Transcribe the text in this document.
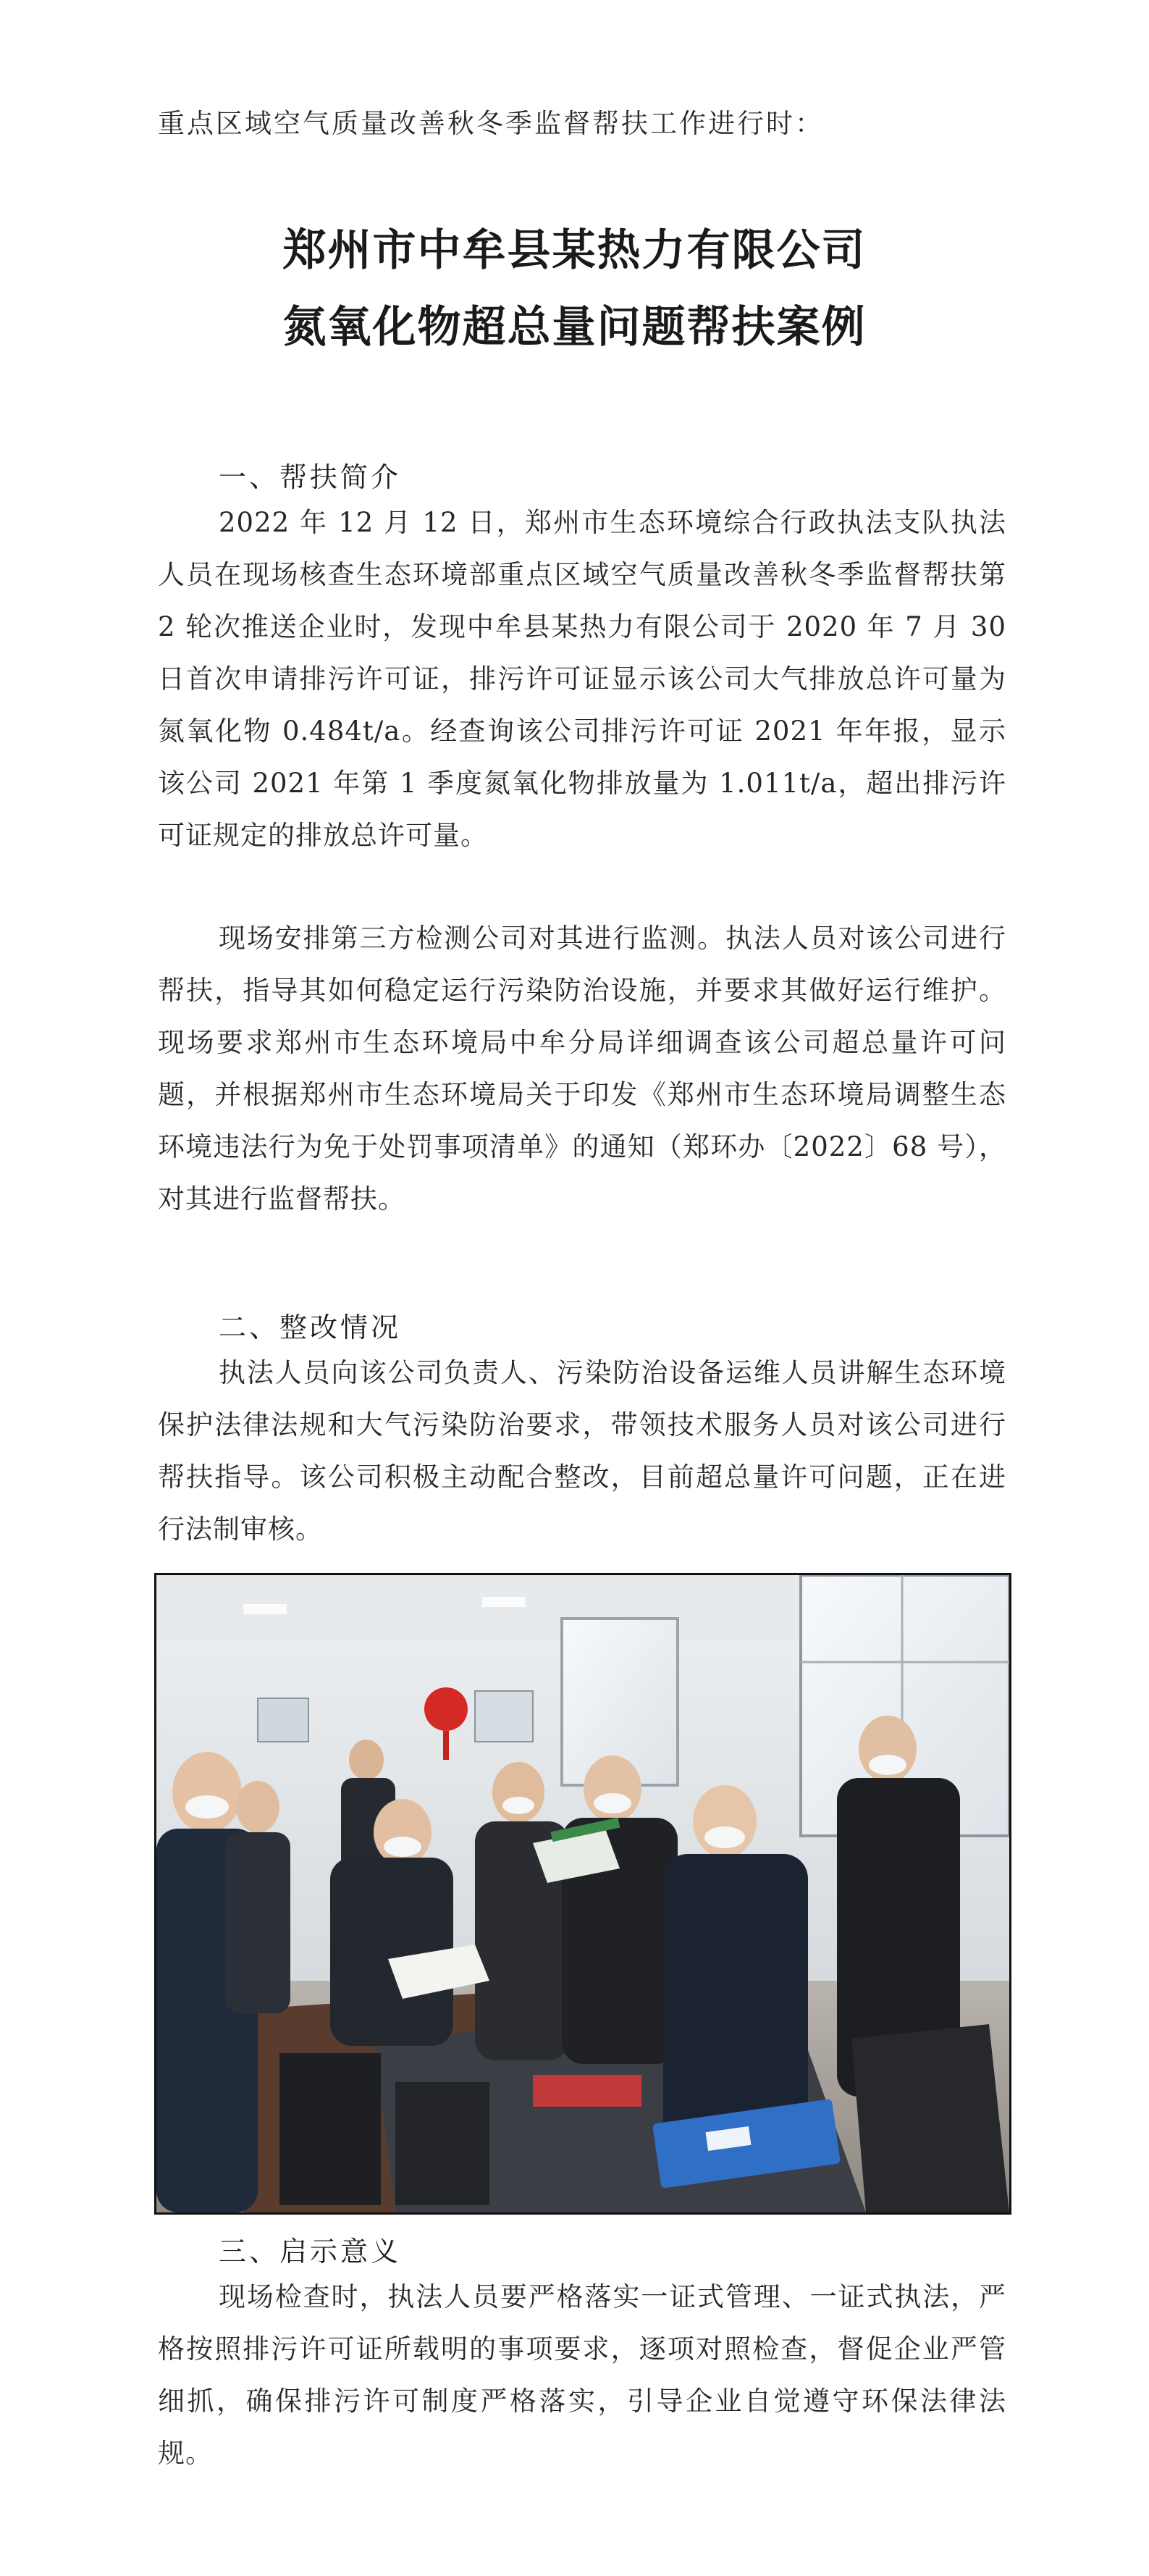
重点区域空气质量改善秋冬季监督帮扶工作进行时：
郑州市中牟县某热力有限公司
氮氧化物超总量问题帮扶案例
一、帮扶简介

2022 年 12 月 12 日，郑州市生态环境综合行政执法支队执法人员在现场核查生态环境部重点区域空气质量改善秋冬季监督帮扶第 2 轮次推送企业时，发现中牟县某热力有限公司于 2020 年 7 月 30 日首次申请排污许可证，排污许可证显示该公司大气排放总许可量为氮氧化物 0.484t/a。经查询该公司排污许可证 2021 年年报，显示该公司 2021 年第 1 季度氮氧化物排放量为 1.011t/a，超出排污许可证规定的排放总许可量。

现场安排第三方检测公司对其进行监测。执法人员对该公司进行帮扶，指导其如何稳定运行污染防治设施，并要求其做好运行维护。现场要求郑州市生态环境局中牟分局详细调查该公司超总量许可问题，并根据郑州市生态环境局关于印发《郑州市生态环境局调整生态环境违法行为免于处罚事项清单》的通知（郑环办〔2022〕68 号），对其进行监督帮扶。

二、整改情况

执法人员向该公司负责人、污染防治设备运维人员讲解生态环境保护法律法规和大气污染防治要求，带领技术服务人员对该公司进行帮扶指导。该公司积极主动配合整改，目前超总量许可问题，正在进行法制审核。

三、启示意义

现场检查时，执法人员要严格落实一证式管理、一证式执法，严格按照排污许可证所载明的事项要求，逐项对照检查，督促企业严管细抓，确保排污许可制度严格落实，引导企业自觉遵守环保法律法规。
